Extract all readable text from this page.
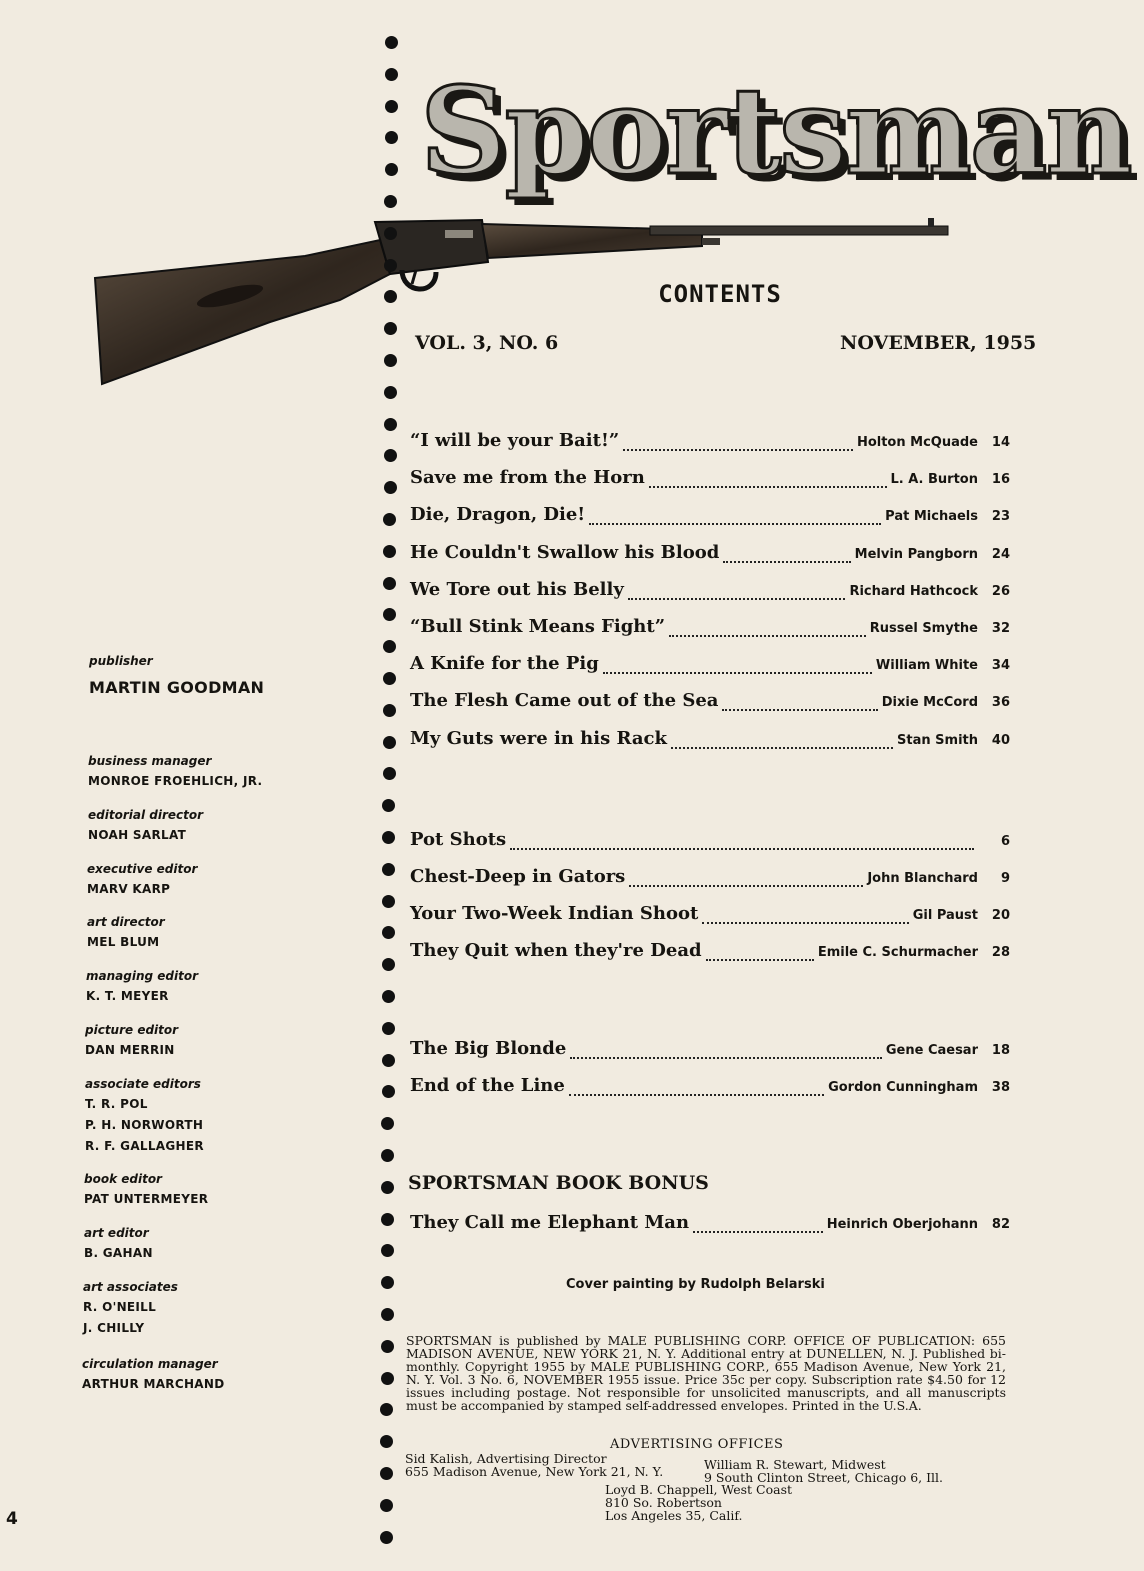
Sportsman
CONTENTS
VOL. 3, NO. 6	NOVEMBER, 1955
publisher
MARTIN GOODMAN
business manager
MONROE FROEHLICH, JR.
editorial director
NOAH SARLAT
executive editor
MARV KARP
art director
MEL BLUM
managing editor
K. T. MEYER
picture editor
DAN MERRIN
associate editors
T. R. POL
P. H. NORWORTH
R. F. GALLAGHER
book editor
PAT UNTERMEYER
art editor
B. GAHAN
art associates
R. O'NEILL
J. CHILLY
circulation manager
ARTHUR MARCHAND
“I will be your Bait!”	Holton McQuade	14
Save me from the Horn	L. A. Burton	16
Die, Dragon, Die!	Pat Michaels	23
He Couldn't Swallow his Blood	Melvin Pangborn	24
We Tore out his Belly	Richard Hathcock	26
“Bull Stink Means Fight”	Russel Smythe	32
A Knife for the Pig	William White	34
The Flesh Came out of the Sea	Dixie McCord	36
My Guts were in his Rack	Stan Smith	40
Pot Shots	6
Chest-Deep in Gators	John Blanchard	9
Your Two-Week Indian Shoot	Gil Paust	20
They Quit when they're Dead	Emile C. Schurmacher	28
The Big Blonde	Gene Caesar	18
End of the Line	Gordon Cunningham	38
They Call me Elephant Man	Heinrich Oberjohann	82
SPORTSMAN BOOK BONUS
Cover painting by Rudolph Belarski
SPORTSMAN is published by MALE PUBLISHING CORP. OFFICE OF PUBLICATION: 655 MADISON AVENUE, NEW YORK 21, N. Y. Additional entry at DUNELLEN, N. J. Published bi-monthly. Copyright 1955 by MALE PUBLISHING CORP., 655 Madison Avenue, New York 21, N. Y. Vol. 3 No. 6, NOVEMBER 1955 issue. Price 35c per copy. Subscription rate $4.50 for 12 issues including postage. Not responsible for unsolicited manuscripts, and all manuscripts must be accompanied by stamped self-addressed envelopes. Printed in the U.S.A.
ADVERTISING OFFICES
Sid Kalish, Advertising Director
655 Madison Avenue, New York 21, N. Y.	William R. Stewart, Midwest
9 South Clinton Street, Chicago 6, Ill.
Loyd B. Chappell, West Coast
810 So. Robertson
Los Angeles 35, Calif.
4
